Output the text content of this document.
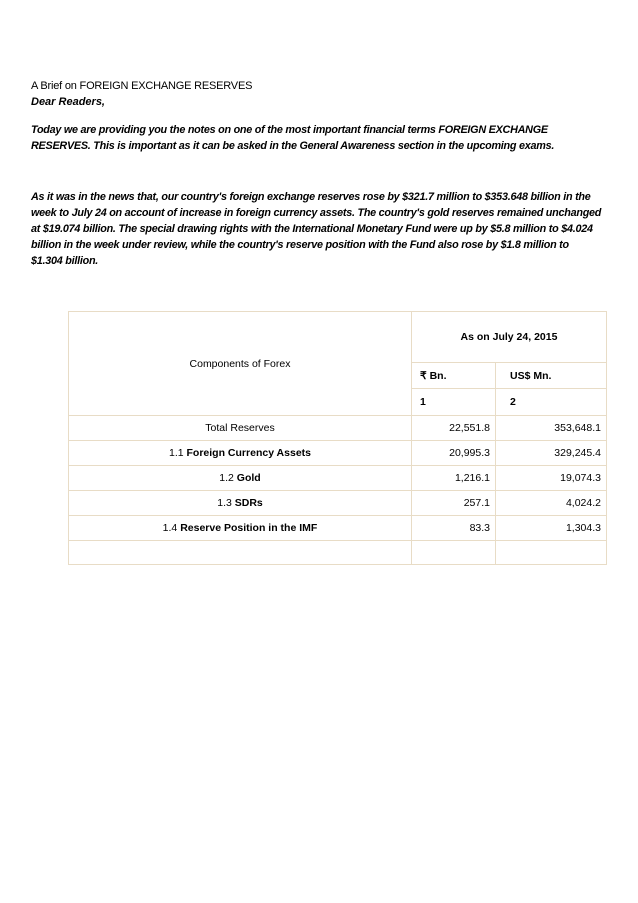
A Brief on FOREIGN EXCHANGE RESERVES
Dear Readers,
Today we are providing you the notes on one of the most important financial terms FOREIGN EXCHANGE RESERVES. This is important as it can be asked in the General Awareness section in the upcoming exams.
As it was in the news that, our country's foreign exchange reserves rose by $321.7 million to $353.648 billion in the week to July 24 on account of increase in foreign currency assets. The country's gold reserves remained unchanged at $19.074 billion. The special drawing rights with the International Monetary Fund were up by $5.8 million to $4.024 billion in the week under review, while the country's reserve position with the Fund also rose by $1.8 million to $1.304 billion.
Components of Forex	As on July 24, 2015	
	₹ Bn.	US$ Mn.
	1	2
Total Reserves	22,551.8	353,648.1
1.1 Foreign Currency Assets	20,995.3	329,245.4
1.2 Gold	1,216.1	19,074.3
1.3 SDRs	257.1	4,024.2
1.4 Reserve Position in the IMF	83.3	1,304.3
